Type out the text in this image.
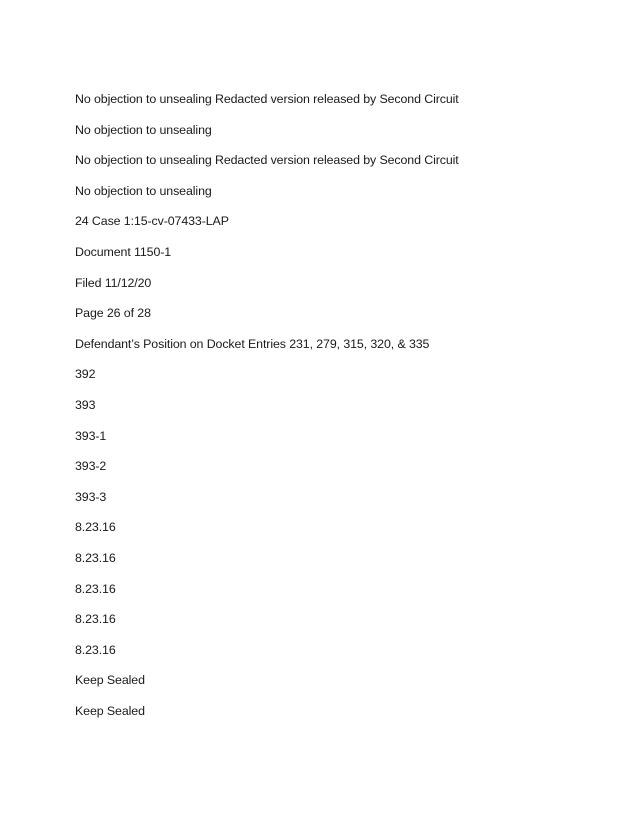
No objection to unsealing Redacted version released by Second Circuit
No objection to unsealing
No objection to unsealing Redacted version released by Second Circuit
No objection to unsealing
24 Case 1:15-cv-07433-LAP
Document 1150-1
Filed 11/12/20
Page 26 of 28
Defendant’s Position on Docket Entries 231, 279, 315, 320, & 335
392
393
393-1
393-2
393-3
8.23.16
8.23.16
8.23.16
8.23.16
8.23.16
Keep Sealed
Keep Sealed
